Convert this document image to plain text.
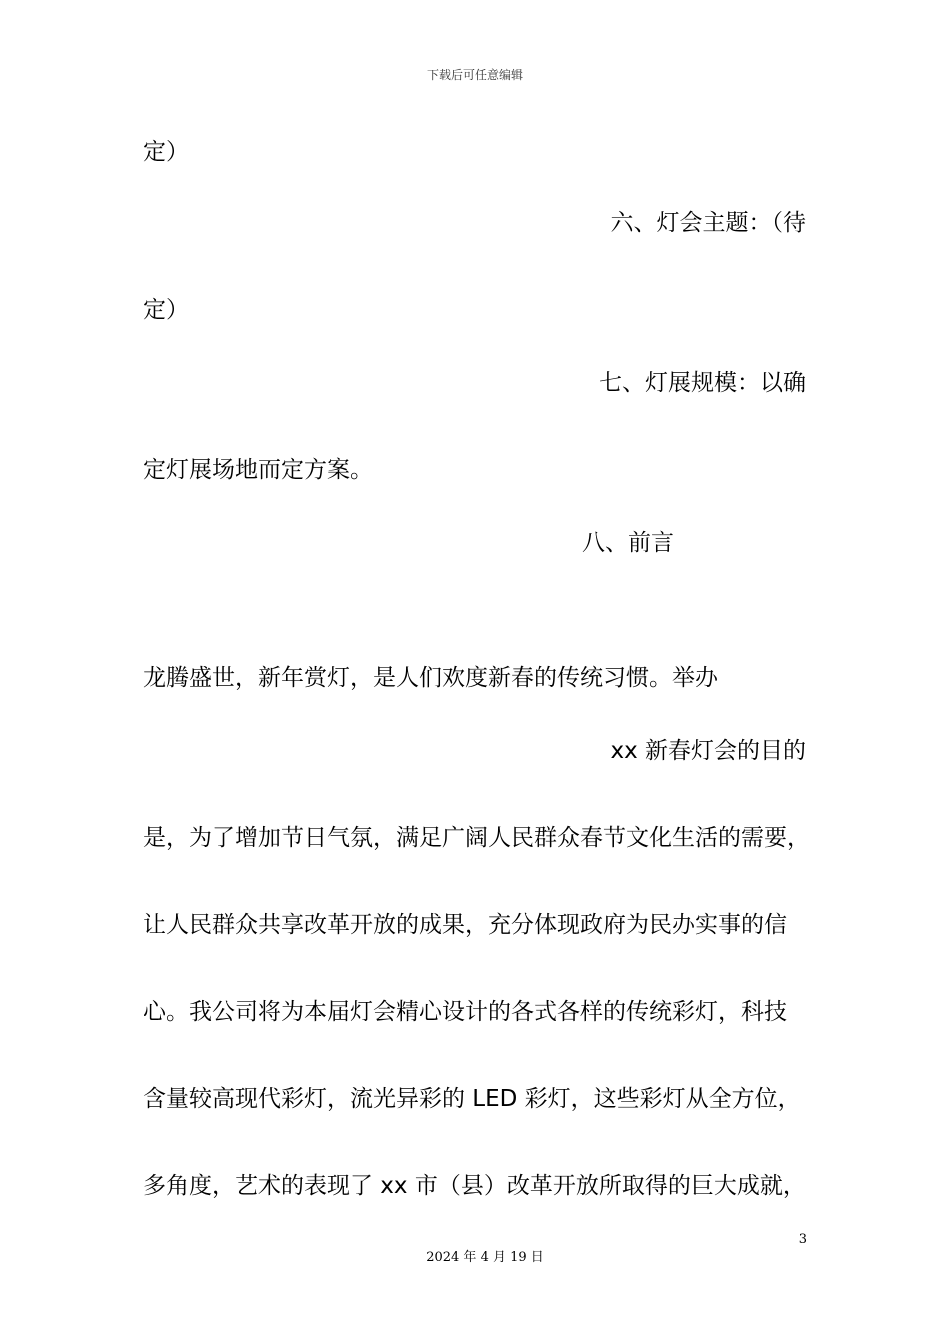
下载后可任意编辑
定）
六、灯会主题：（待
定）
七、灯展规模：以确
定灯展场地而定方案。
八、前言
龙腾盛世，新年赏灯，是人们欢度新春的传统习惯。举办
xx 新春灯会的目的
是，为了增加节日气氛，满足广阔人民群众春节文化生活的需要，
让人民群众共享改革开放的成果，充分体现政府为民办实事的信
心。我公司将为本届灯会精心设计的各式各样的传统彩灯，科技
含量较高现代彩灯，流光异彩的 LED 彩灯，这些彩灯从全方位，
多角度，艺术的表现了 xx 市（县）改革开放所取得的巨大成就，
3
2024 年 4 月 19 日
